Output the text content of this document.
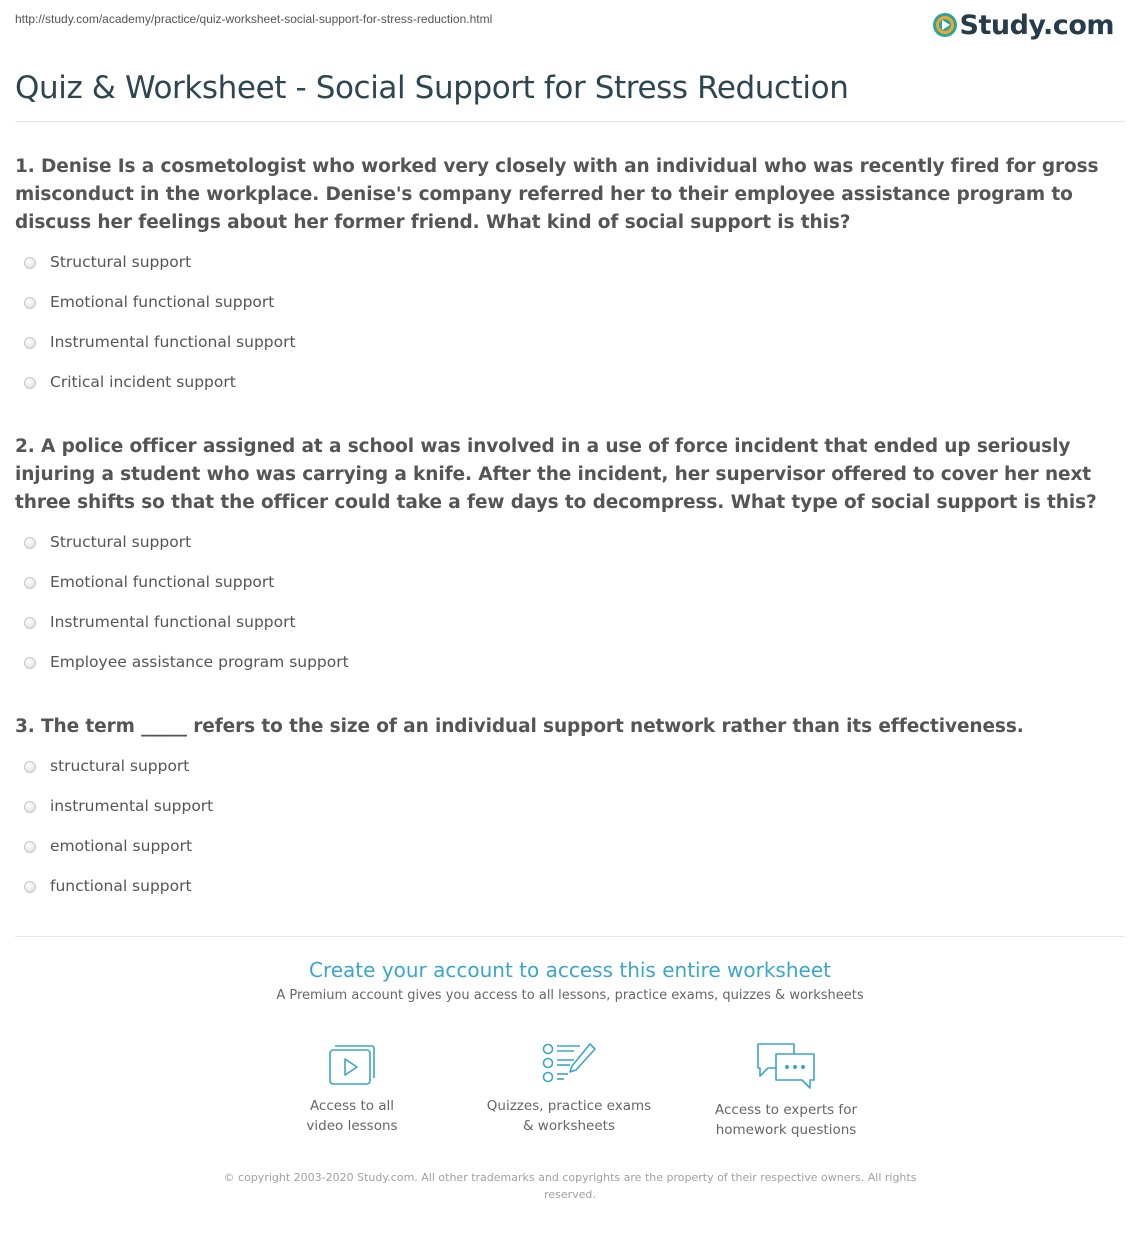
http://study.com/academy/practice/quiz-worksheet-social-support-for-stress-reduction.html	Study.com
Quiz & Worksheet - Social Support for Stress Reduction
1. Denise Is a cosmetologist who worked very closely with an individual who was recently fired for gross misconduct in the workplace. Denise's company referred her to their employee assistance program to discuss her feelings about her former friend. What kind of social support is this?
Structural support
Emotional functional support
Instrumental functional support
Critical incident support
2. A police officer assigned at a school was involved in a use of force incident that ended up seriously injuring a student who was carrying a knife. After the incident, her supervisor offered to cover her next three shifts so that the officer could take a few days to decompress. What type of social support is this?
Structural support
Emotional functional support
Instrumental functional support
Employee assistance program support
3. The term _____ refers to the size of an individual support network rather than its effectiveness.
structural support
instrumental support
emotional support
functional support
Create your account to access this entire worksheet
A Premium account gives you access to all lessons, practice exams, quizzes & worksheets
Access to all
video lessons
Quizzes, practice exams
& worksheets
Access to experts for
homework questions
© copyright 2003-2020 Study.com. All other trademarks and copyrights are the property of their respective owners. All rights reserved.
